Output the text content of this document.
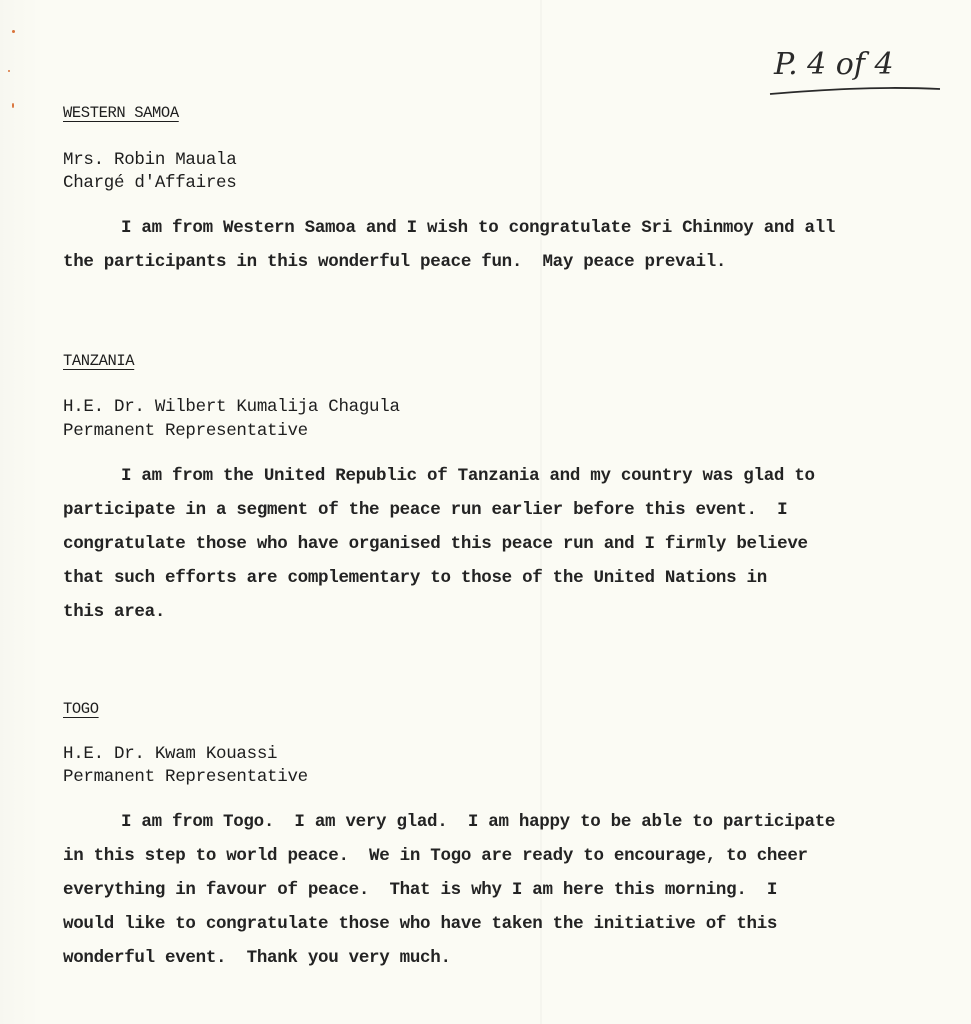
P. 4 of 4
WESTERN SAMOA

Mrs. Robin Mauala

Chargé d'Affaires

I am from Western Samoa and I wish to congratulate Sri Chinmoy and all
the participants in this wonderful peace fun.  May peace prevail.
TANZANIA

H.E. Dr. Wilbert Kumalija Chagula

Permanent Representative

I am from the United Republic of Tanzania and my country was glad to
participate in a segment of the peace run earlier before this event.  I
congratulate those who have organised this peace run and I firmly believe
that such efforts are complementary to those of the United Nations in
this area.
TOGO

H.E. Dr. Kwam Kouassi

Permanent Representative

I am from Togo.  I am very glad.  I am happy to be able to participate
in this step to world peace.  We in Togo are ready to encourage, to cheer
everything in favour of peace.  That is why I am here this morning.  I
would like to congratulate those who have taken the initiative of this
wonderful event.  Thank you very much.
